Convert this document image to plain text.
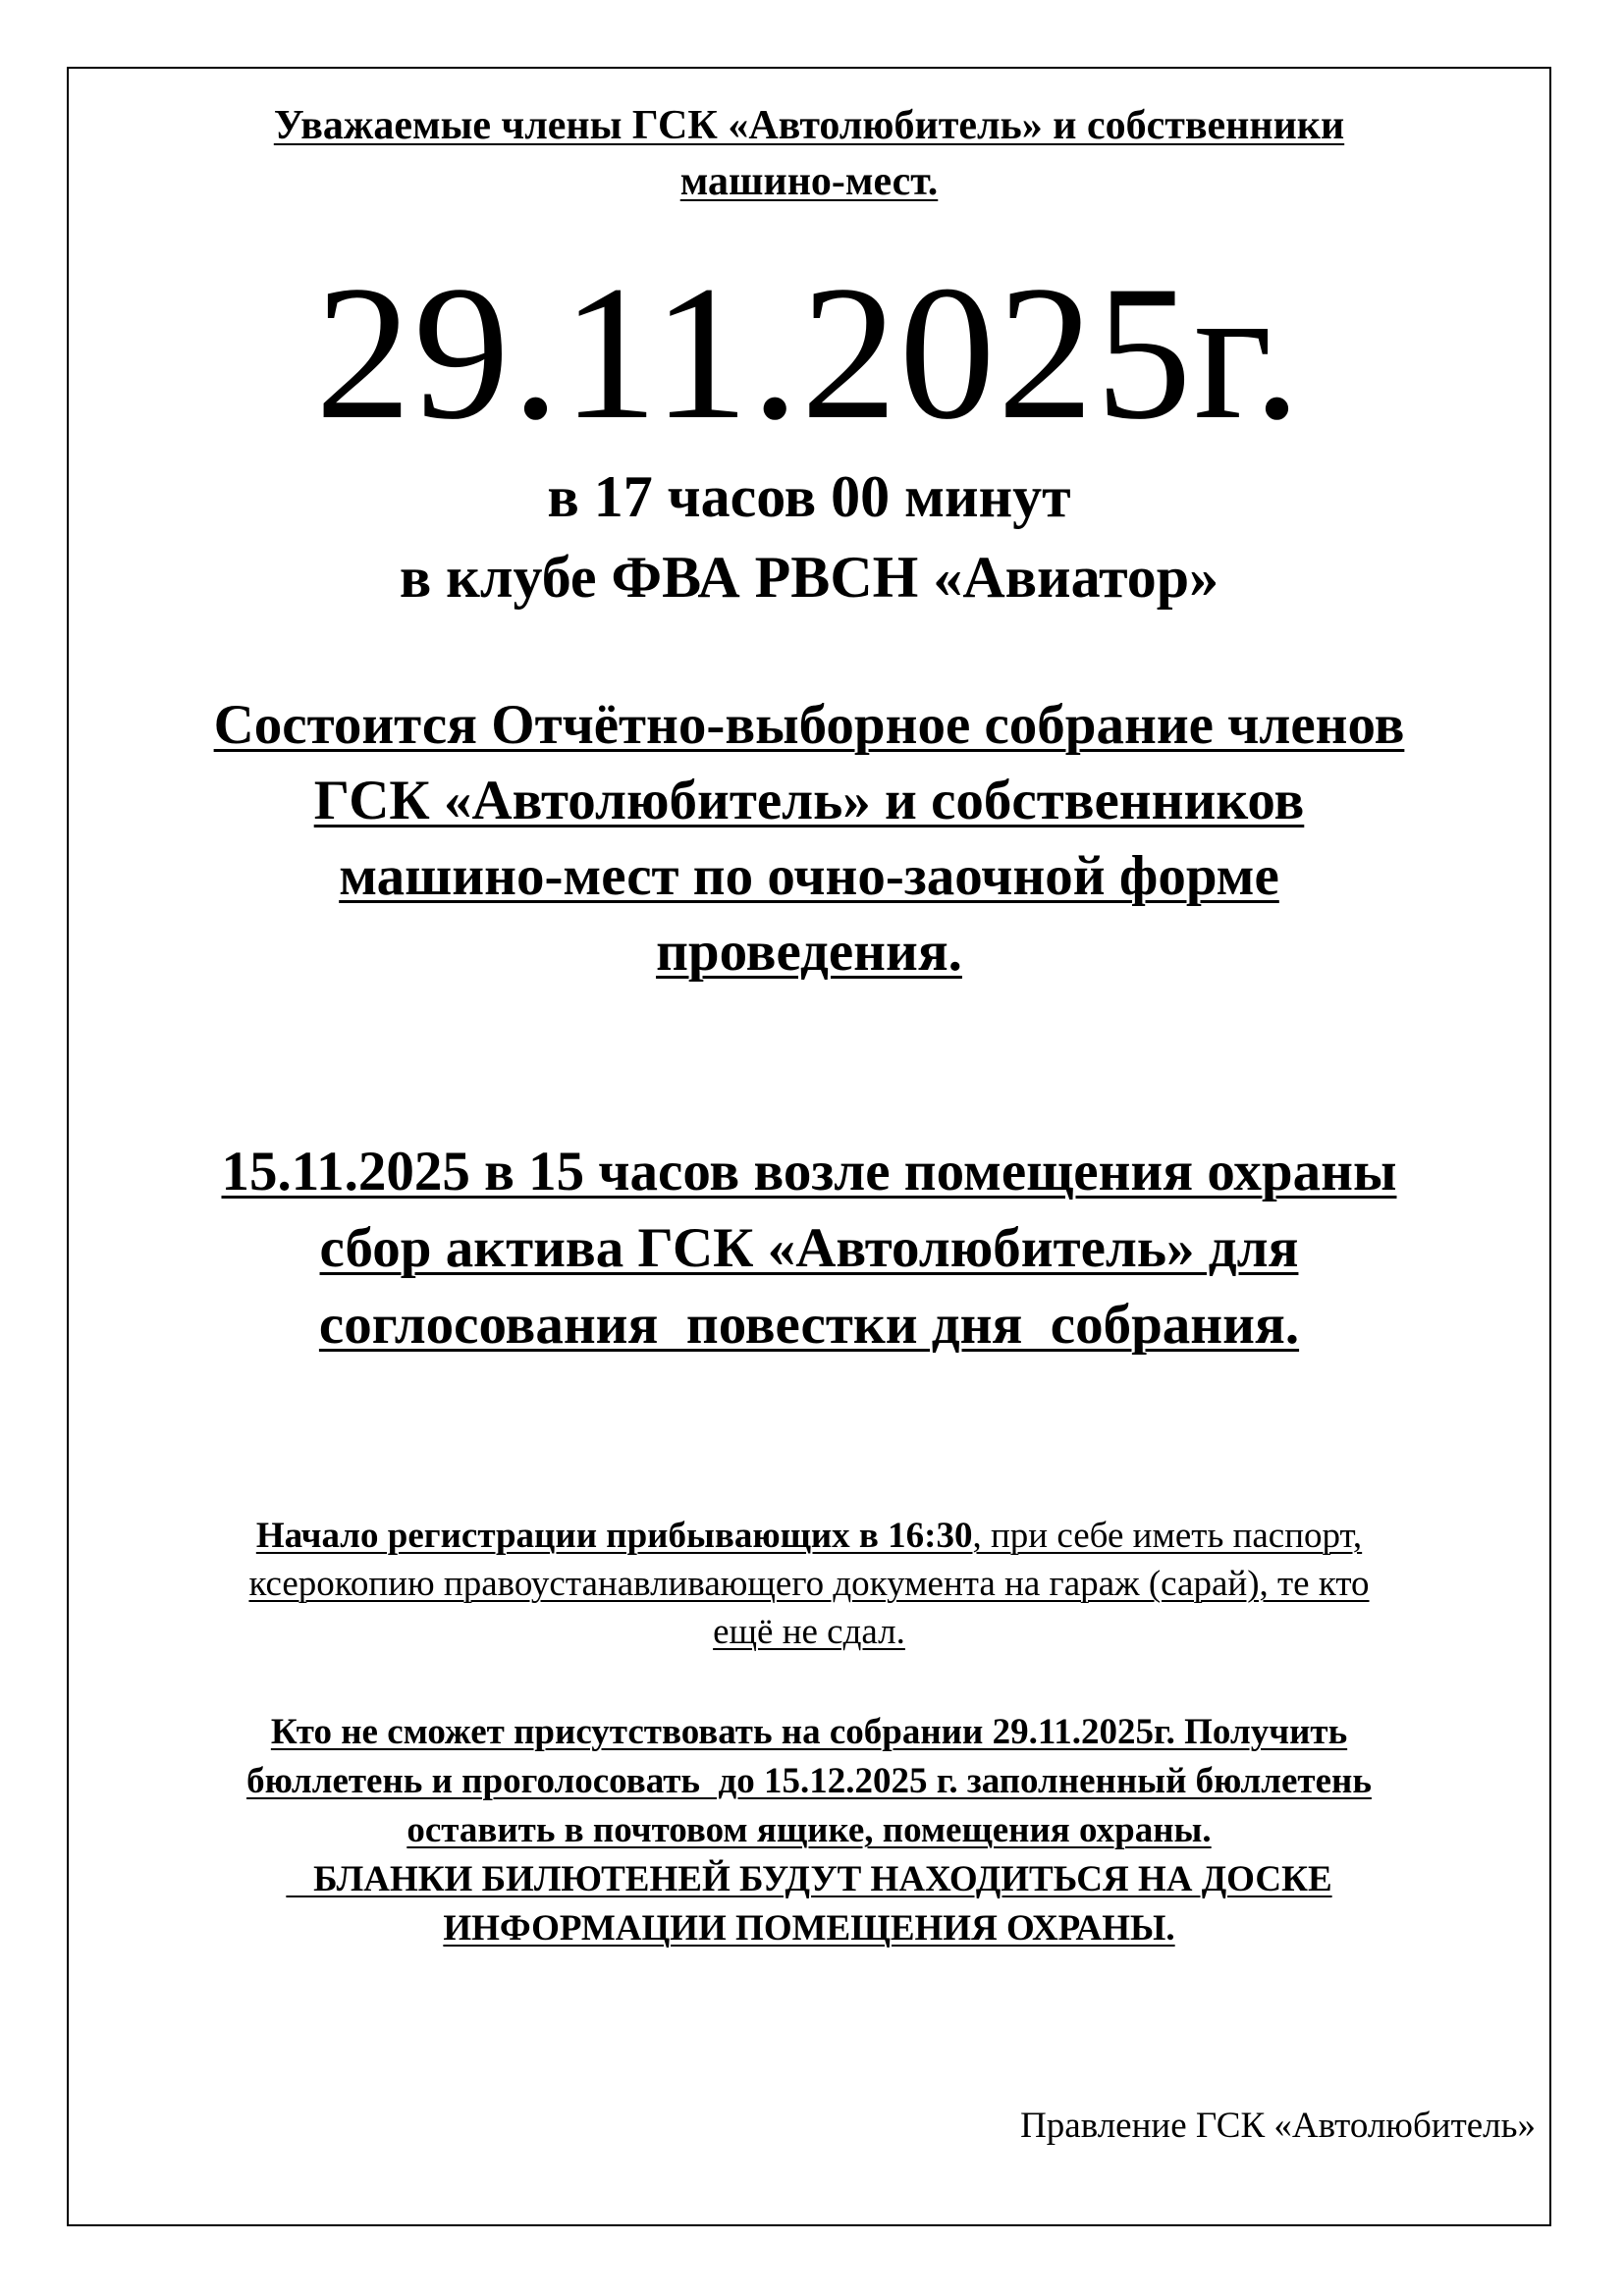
Уважаемые члены ГСК «Автолюбитель» и собственники
машино-мест.
29.11.2025г.
в 17 часов 00 минут
в клубе ФВА РВСН «Авиатор»
Состоится Отчётно-выборное собрание членов
ГСК «Автолюбитель» и собственников
машино-мест по очно-заочной форме
проведения.
15.11.2025 в 15 часов возле помещения охраны
сбор актива ГСК «Автолюбитель» для
соглосования  повестки дня  собрания.
Начало регистрации прибывающих в 16:30, при себе иметь паспорт,
ксерокопию правоустанавливающего документа на гараж (сарай), те кто
ещё не сдал.
Кто не сможет присутствовать на собрании 29.11.2025г. Получить
бюллетень и проголосовать  до 15.12.2025 г. заполненный бюллетень
оставить в почтовом ящике, помещения охраны.
БЛАНКИ БИЛЮТЕНЕЙ БУДУТ НАХОДИТЬСЯ НА ДОСКЕ
ИНФОРМАЦИИ ПОМЕЩЕНИЯ ОХРАНЫ.
Правление ГСК «Автолюбитель»
